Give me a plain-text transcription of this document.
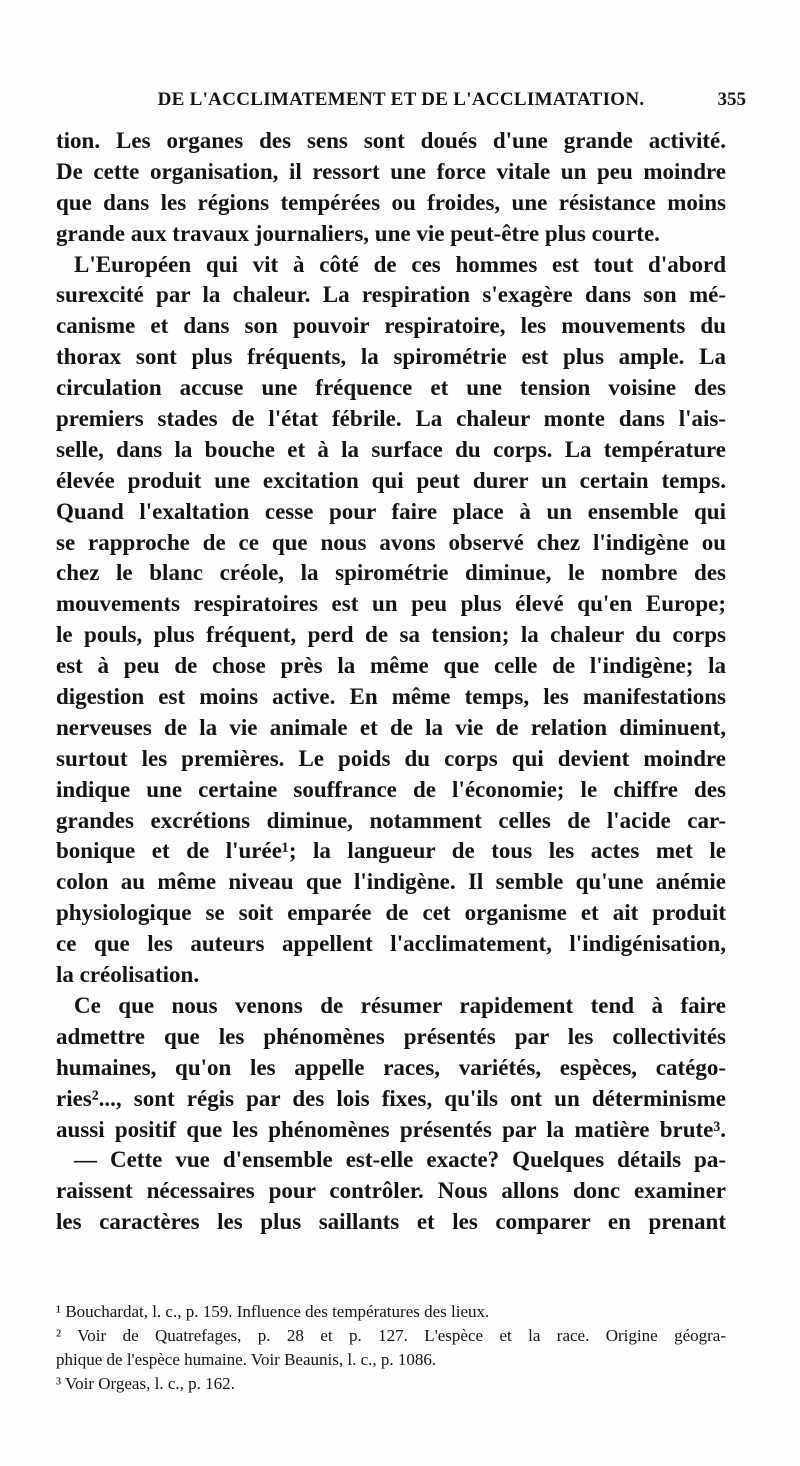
DE L'ACCLIMATEMENT ET DE L'ACCLIMATATION.	355
tion. Les organes des sens sont doués d'une grande activité.
De cette organisation, il ressort une force vitale un peu moindre
que dans les régions tempérées ou froides, une résistance moins
grande aux travaux journaliers, une vie peut-être plus courte.
L'Européen qui vit à côté de ces hommes est tout d'abord
surexcité par la chaleur. La respiration s'exagère dans son mé-
canisme et dans son pouvoir respiratoire, les mouvements du
thorax sont plus fréquents, la spirométrie est plus ample. La
circulation accuse une fréquence et une tension voisine des
premiers stades de l'état fébrile. La chaleur monte dans l'ais-
selle, dans la bouche et à la surface du corps. La température
élevée produit une excitation qui peut durer un certain temps.
Quand l'exaltation cesse pour faire place à un ensemble qui
se rapproche de ce que nous avons observé chez l'indigène ou
chez le blanc créole, la spirométrie diminue, le nombre des
mouvements respiratoires est un peu plus élevé qu'en Europe;
le pouls, plus fréquent, perd de sa tension; la chaleur du corps
est à peu de chose près la même que celle de l'indigène; la
digestion est moins active. En même temps, les manifestations
nerveuses de la vie animale et de la vie de relation diminuent,
surtout les premières. Le poids du corps qui devient moindre
indique une certaine souffrance de l'économie; le chiffre des
grandes excrétions diminue, notamment celles de l'acide car-
bonique et de l'urée¹; la langueur de tous les actes met le
colon au même niveau que l'indigène. Il semble qu'une anémie
physiologique se soit emparée de cet organisme et ait produit
ce que les auteurs appellent l'acclimatement, l'indigénisation,
la créolisation.
Ce que nous venons de résumer rapidement tend à faire
admettre que les phénomènes présentés par les collectivités
humaines, qu'on les appelle races, variétés, espèces, catégo-
ries²..., sont régis par des lois fixes, qu'ils ont un déterminisme
aussi positif que les phénomènes présentés par la matière brute³.
— Cette vue d'ensemble est-elle exacte? Quelques détails pa-
raissent nécessaires pour contrôler. Nous allons donc examiner
les caractères les plus saillants et les comparer en prenant
¹ Bouchardat, l. c., p. 159. Influence des températures des lieux.
² Voir de Quatrefages, p. 28 et p. 127. L'espèce et la race. Origine géogra-
phique de l'espèce humaine. Voir Beaunis, l. c., p. 1086.
³ Voir Orgeas, l. c., p. 162.
